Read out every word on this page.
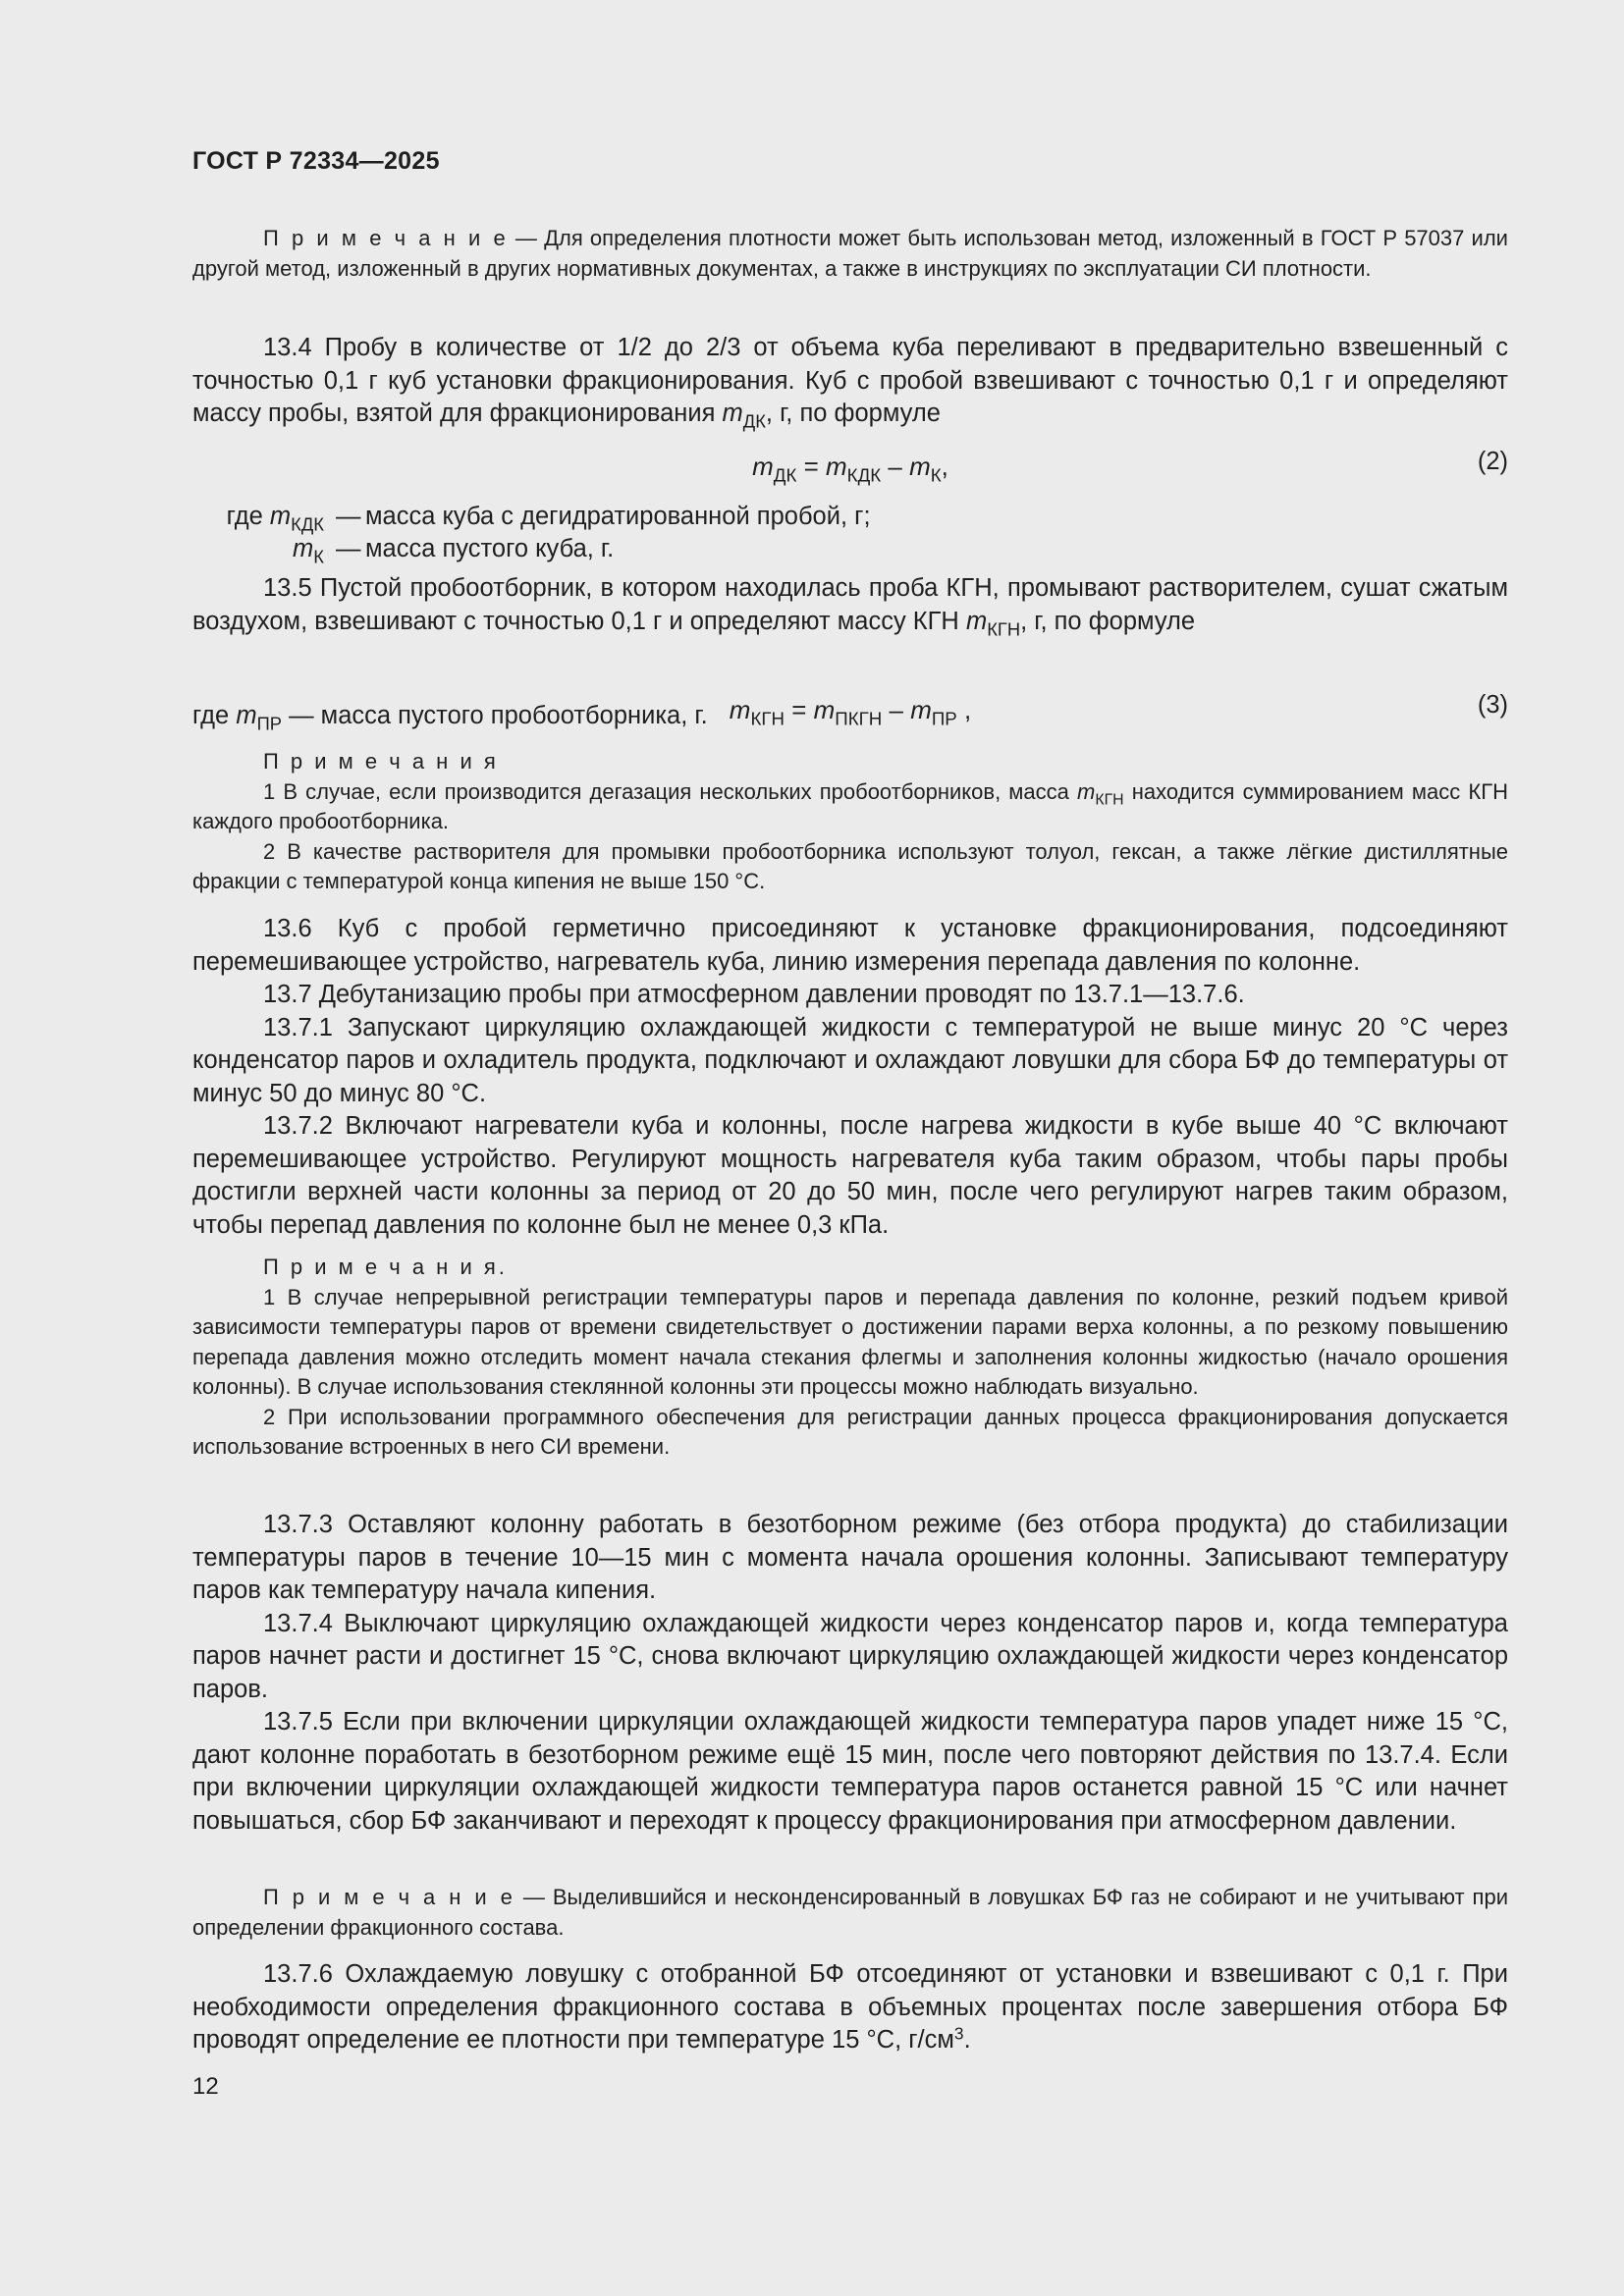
ГОСТ Р 72334—2025

П р и м е ч а н и е — Для определения плотности может быть использован метод, изложенный в ГОСТ Р 57037 или другой метод, изложенный в других нормативных документах, а также в инструкциях по эксплуатации СИ плотности.

13.4 Пробу в количестве от 1/2 до 2/3 от объема куба переливают в предварительно взвешенный с точностью 0,1 г куб установки фракционирования. Куб с пробой взвешивают с точностью 0,1 г и определяют массу пробы, взятой для фракционирования $m_{ДК}$, г, по формуле

$m_{ДК} = m_{КДК} - m_К$,	(2)
где $m_{КДК}$ — масса куба с дегидратированной пробой, г;
$m_К$ — масса пустого куба, г.

13.5 Пустой пробоотборник, в котором находилась проба КГН, промывают растворителем, сушат сжатым воздухом, взвешивают с точностью 0,1 г и определяют массу КГН $m_{КГН}$, г, по формуле

$m_{КГН} = m_{ПКГН} - m_{ПР}$ ,	(3)
где $m_{ПР}$ — масса пустого пробоотборника, г.

П р и м е ч а н и я

1 В случае, если производится дегазация нескольких пробоотборников, масса $m_{КГН}$ находится суммированием масс КГН каждого пробоотборника.

2 В качестве растворителя для промывки пробоотборника используют толуол, гексан, а также лёгкие дистиллятные фракции с температурой конца кипения не выше 150 °С.

13.6 Куб с пробой герметично присоединяют к установке фракционирования, подсоединяют перемешивающее устройство, нагреватель куба, линию измерения перепада давления по колонне.

13.7 Дебутанизацию пробы при атмосферном давлении проводят по 13.7.1—13.7.6.

13.7.1 Запускают циркуляцию охлаждающей жидкости с температурой не выше минус 20 °С через конденсатор паров и охладитель продукта, подключают и охлаждают ловушки для сбора БФ до температуры от минус 50 до минус 80 °С.

13.7.2 Включают нагреватели куба и колонны, после нагрева жидкости в кубе выше 40 °С включают перемешивающее устройство. Регулируют мощность нагревателя куба таким образом, чтобы пары пробы достигли верхней части колонны за период от 20 до 50 мин, после чего регулируют нагрев таким образом, чтобы перепад давления по колонне был не менее 0,3 кПа.

П р и м е ч а н и я.

1 В случае непрерывной регистрации температуры паров и перепада давления по колонне, резкий подъем кривой зависимости температуры паров от времени свидетельствует о достижении парами верха колонны, а по резкому повышению перепада давления можно отследить момент начала стекания флегмы и заполнения колонны жидкостью (начало орошения колонны). В случае использования стеклянной колонны эти процессы можно наблюдать визуально.

2 При использовании программного обеспечения для регистрации данных процесса фракционирования допускается использование встроенных в него СИ времени.

13.7.3 Оставляют колонну работать в безотборном режиме (без отбора продукта) до стабилизации температуры паров в течение 10—15 мин с момента начала орошения колонны. Записывают температуру паров как температуру начала кипения.

13.7.4 Выключают циркуляцию охлаждающей жидкости через конденсатор паров и, когда температура паров начнет расти и достигнет 15 °С, снова включают циркуляцию охлаждающей жидкости через конденсатор паров.

13.7.5 Если при включении циркуляции охлаждающей жидкости температура паров упадет ниже 15 °С, дают колонне поработать в безотборном режиме ещё 15 мин, после чего повторяют действия по 13.7.4. Если при включении циркуляции охлаждающей жидкости температура паров останется равной 15 °С или начнет повышаться, сбор БФ заканчивают и переходят к процессу фракционирования при атмосферном давлении.

П р и м е ч а н и е — Выделившийся и несконденсированный в ловушках БФ газ не собирают и не учитывают при определении фракционного состава.

13.7.6 Охлаждаемую ловушку с отобранной БФ отсоединяют от установки и взвешивают с 0,1 г. При необходимости определения фракционного состава в объемных процентах после завершения отбора БФ проводят определение ее плотности при температуре 15 °С, $г/см^3$.

12
